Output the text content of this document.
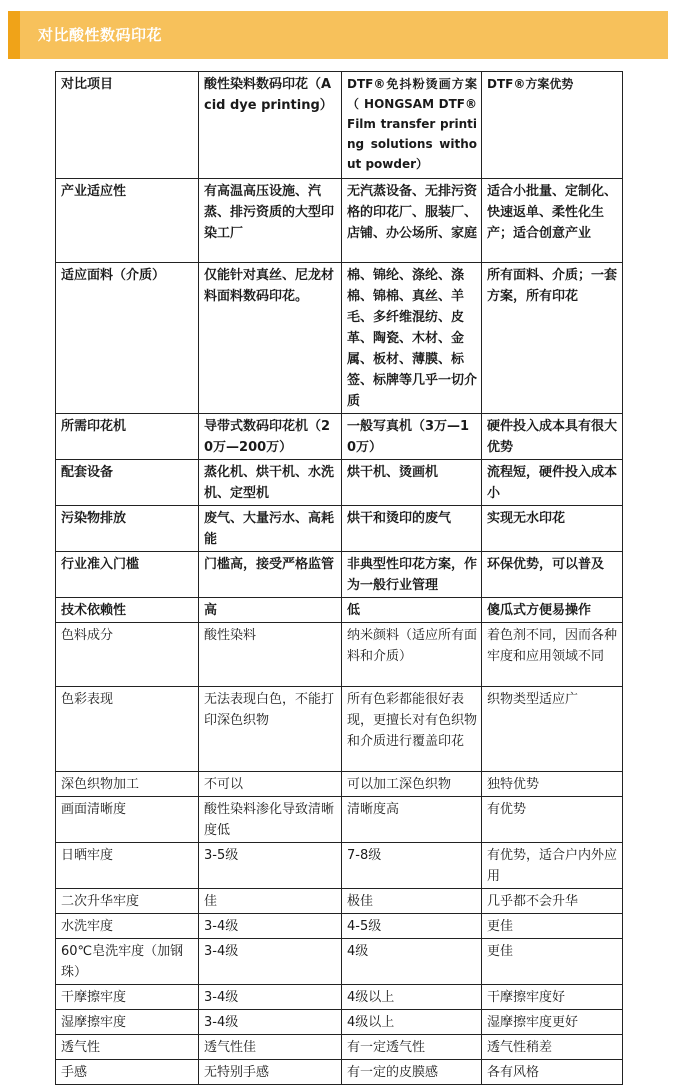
对比酸性数码印花
对比项目	酸性染料数码印花（Acid dye printing）	DTF®免抖粉烫画方案（ HONGSAM DTF® Film transfer printing solutions without powder）	DTF®方案优势
产业适应性	有高温高压设施、汽蒸、排污资质的大型印染工厂	无汽蒸设备、无排污资格的印花厂、服装厂、店铺、办公场所、家庭	适合小批量、定制化、快速返单、柔性化生产；适合创意产业
适应面料（介质）	仅能针对真丝、尼龙材料面料数码印花。	棉、锦纶、涤纶、涤棉、锦棉、真丝、羊毛、多纤维混纺、皮革、陶瓷、木材、金属、板材、薄膜、标签、标牌等几乎一切介质	所有面料、介质；一套方案，所有印花
所需印花机	导带式数码印花机（20万—200万）	一般写真机（3万—10万）	硬件投入成本具有很大优势
配套设备	蒸化机、烘干机、水洗机、定型机	烘干机、烫画机	流程短，硬件投入成本小
污染物排放	废气、大量污水、高耗能	烘干和烫印的废气	实现无水印花
行业准入门槛	门槛高，接受严格监管	非典型性印花方案，作为一般行业管理	环保优势，可以普及
技术依赖性	高	低	傻瓜式方便易操作
色料成分	酸性染料	纳米颜料（适应所有面料和介质）	着色剂不同，因而各种牢度和应用领域不同
色彩表现	无法表现白色，不能打印深色织物	所有色彩都能很好表现，更擅长对有色织物和介质进行覆盖印花	织物类型适应广
深色织物加工	不可以	可以加工深色织物	独特优势
画面清晰度	酸性染料渗化导致清晰度低	清晰度高	有优势
日晒牢度	3-5级	7-8级	有优势，适合户内外应用
二次升华牢度	佳	极佳	几乎都不会升华
水洗牢度	3-4级	4-5级	更佳
60℃皂洗牢度（加钢珠）	3-4级	4级	更佳
干摩擦牢度	3-4级	4级以上	干摩擦牢度好
湿摩擦牢度	3-4级	4级以上	湿摩擦牢度更好
透气性	透气性佳	有一定透气性	透气性稍差
手感	无特别手感	有一定的皮膜感	各有风格
